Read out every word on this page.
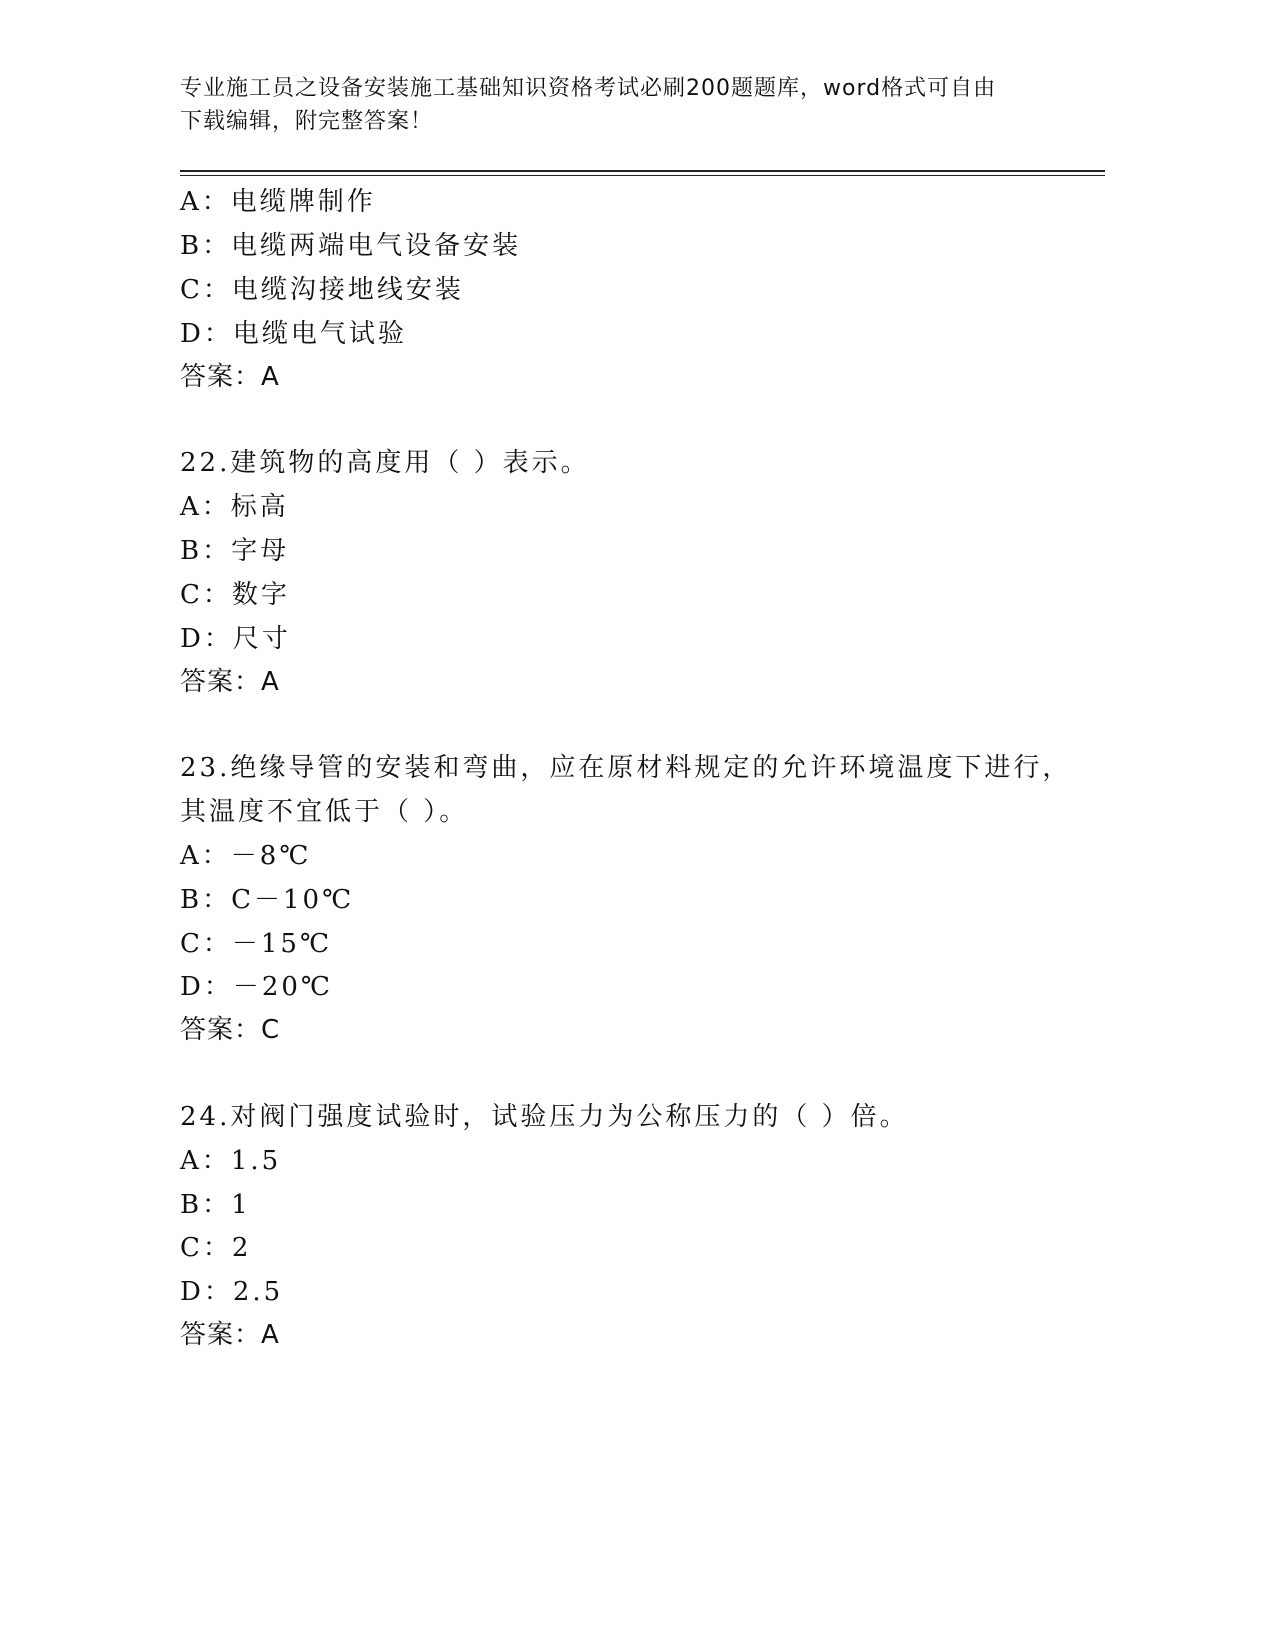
专业施工员之设备安装施工基础知识资格考试必刷200题题库，word格式可自由
下载编辑，附完整答案！
A：电缆牌制作
B：电缆两端电气设备安装
C：电缆沟接地线安装
D：电缆电气试验
答案：A
22.建筑物的高度用（ ）表示。
A：标高
B：字母
C：数字
D：尺寸
答案：A
23.绝缘导管的安装和弯曲，应在原材料规定的允许环境温度下进行，
其温度不宜低于（ ）。
A：－8℃
B：C－10℃
C：－15℃
D：－20℃
答案：C
24.对阀门强度试验时，试验压力为公称压力的（ ）倍。
A：1.5
B：1
C：2
D：2.5
答案：A
